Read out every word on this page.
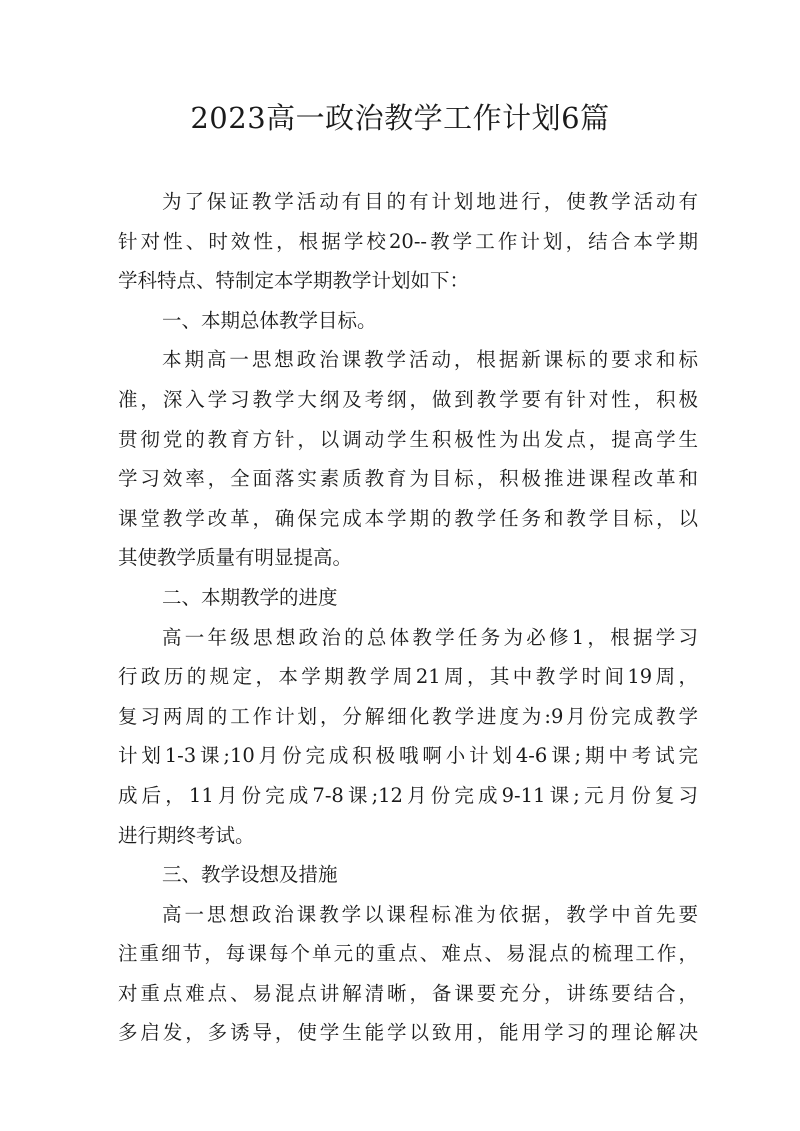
2023高一政治教学工作计划6篇
为了保证教学活动有目的有计划地进行，使教学活动有
针对性、时效性，根据学校20--教学工作计划，结合本学期
学科特点、特制定本学期教学计划如下：
一、本期总体教学目标。
本期高一思想政治课教学活动，根据新课标的要求和标
准，深入学习教学大纲及考纲，做到教学要有针对性，积极
贯彻党的教育方针，以调动学生积极性为出发点，提高学生
学习效率，全面落实素质教育为目标，积极推进课程改革和
课堂教学改革，确保完成本学期的教学任务和教学目标，以
其使教学质量有明显提高。
二、本期教学的进度
高一年级思想政治的总体教学任务为必修1，根据学习
行政历的规定，本学期教学周21周，其中教学时间19周，
复习两周的工作计划，分解细化教学进度为:9月份完成教学
计划1-3课;10月份完成积极哦啊小计划4-6课;期中考试完
成后，11月份完成7-8课;12月份完成9-11课;元月份复习
进行期终考试。
三、教学设想及措施
高一思想政治课教学以课程标准为依据，教学中首先要
注重细节，每课每个单元的重点、难点、易混点的梳理工作，
对重点难点、易混点讲解清晰，备课要充分，讲练要结合，
多启发，多诱导，使学生能学以致用，能用学习的理论解决
